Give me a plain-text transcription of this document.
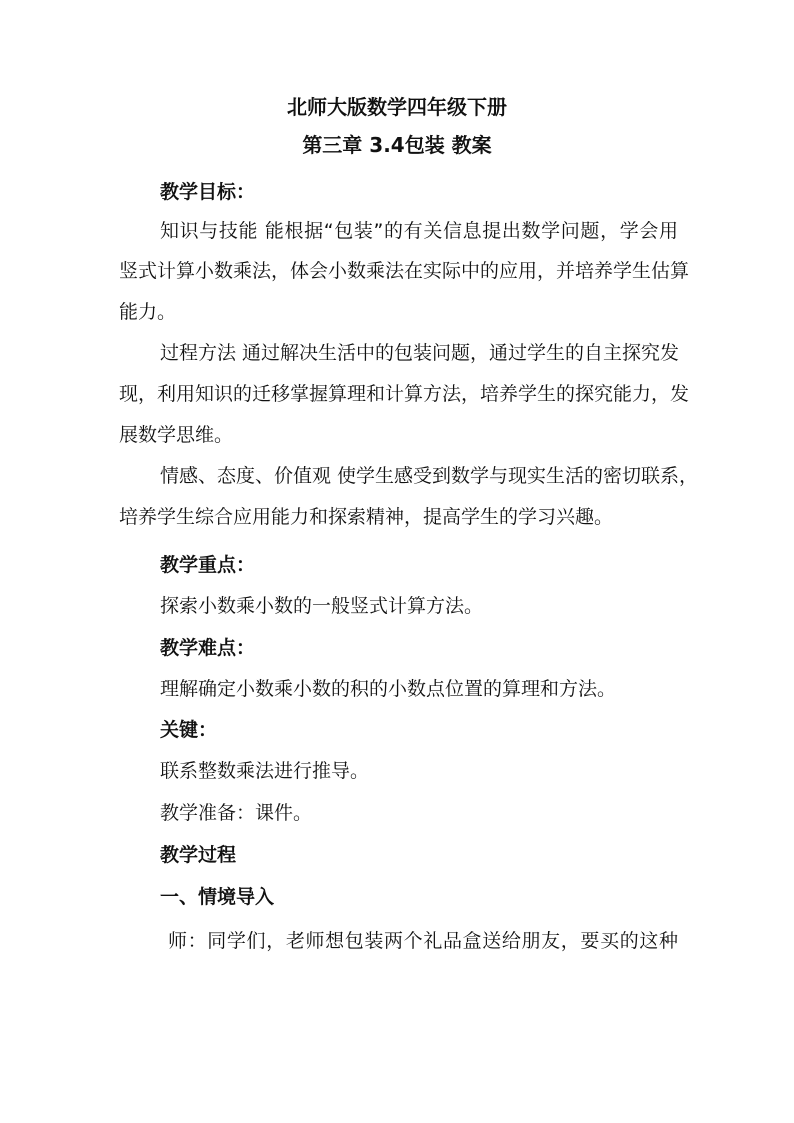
北师大版数学四年级下册
第三章 3.4包装 教案
教学目标：
知识与技能 能根据“包装”的有关信息提出数学问题，学会用
竖式计算小数乘法，体会小数乘法在实际中的应用，并培养学生估算
能力。
过程方法 通过解决生活中的包装问题，通过学生的自主探究发
现，利用知识的迁移掌握算理和计算方法，培养学生的探究能力，发
展数学思维。
情感、态度、价值观 使学生感受到数学与现实生活的密切联系，
培养学生综合应用能力和探索精神，提高学生的学习兴趣。
教学重点：
探索小数乘小数的一般竖式计算方法。
教学难点：
理解确定小数乘小数的积的小数点位置的算理和方法。
关键：
联系整数乘法进行推导。
教学准备：课件。
教学过程
一、情境导入
师：同学们，老师想包装两个礼品盒送给朋友，要买的这种
